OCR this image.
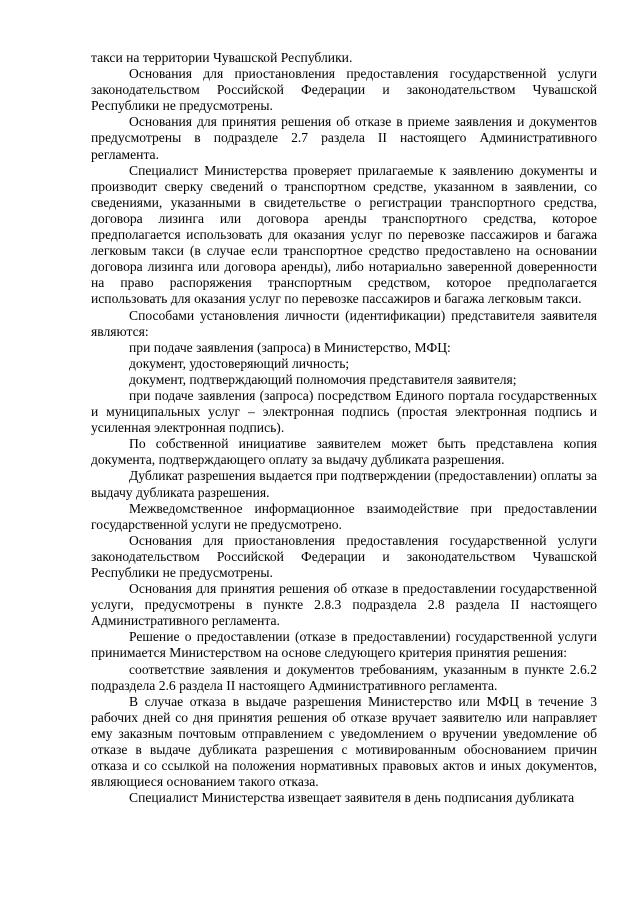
такси на территории Чувашской Республики.

Основания для приостановления предоставления государственной услуги законодательством Российской Федерации и законодательством Чувашской Республики не предусмотрены.

Основания для принятия решения об отказе в приеме заявления и документов предусмотрены в подразделе 2.7 раздела II настоящего Административного регламента.

Специалист Министерства проверяет прилагаемые к заявлению документы и производит сверку сведений о транспортном средстве, указанном в заявлении, со сведениями, указанными в свидетельстве о регистрации транспортного средства, договора лизинга или договора аренды транспортного средства, которое предполагается использовать для оказания услуг по перевозке пассажиров и багажа легковым такси (в случае если транспортное средство предоставлено на основании договора лизинга или договора аренды), либо нотариально заверенной доверенности на право распоряжения транспортным средством, которое предполагается использовать для оказания услуг по перевозке пассажиров и багажа легковым такси.

Способами установления личности (идентификации) представителя заявителя являются:

при подаче заявления (запроса) в Министерство, МФЦ:

документ, удостоверяющий личность;

документ, подтверждающий полномочия представителя заявителя;

при подаче заявления (запроса) посредством Единого портала государственных и муниципальных услуг – электронная подпись (простая электронная подпись и усиленная электронная подпись).

По собственной инициативе заявителем может быть представлена копия документа, подтверждающего оплату за выдачу дубликата разрешения.

Дубликат разрешения выдается при подтверждении (предоставлении) оплаты за выдачу дубликата разрешения.

Межведомственное информационное взаимодействие при предоставлении государственной услуги не предусмотрено.

Основания для приостановления предоставления государственной услуги законодательством Российской Федерации и законодательством Чувашской Республики не предусмотрены.

Основания для принятия решения об отказе в предоставлении государственной услуги, предусмотрены в пункте 2.8.3 подраздела 2.8 раздела II настоящего Административного регламента.

Решение о предоставлении (отказе в предоставлении) государственной услуги принимается Министерством на основе следующего критерия принятия решения:

соответствие заявления и документов требованиям, указанным в пункте 2.6.2 подраздела 2.6 раздела II настоящего Административного регламента.

В случае отказа в выдаче разрешения Министерство или МФЦ в течение 3 рабочих дней со дня принятия решения об отказе вручает заявителю или направляет ему заказным почтовым отправлением с уведомлением о вручении уведомление об отказе в выдаче дубликата разрешения с мотивированным обоснованием причин отказа и со ссылкой на положения нормативных правовых актов и иных документов, являющиеся основанием такого отказа.

Специалист Министерства извещает заявителя в день подписания дубликата
